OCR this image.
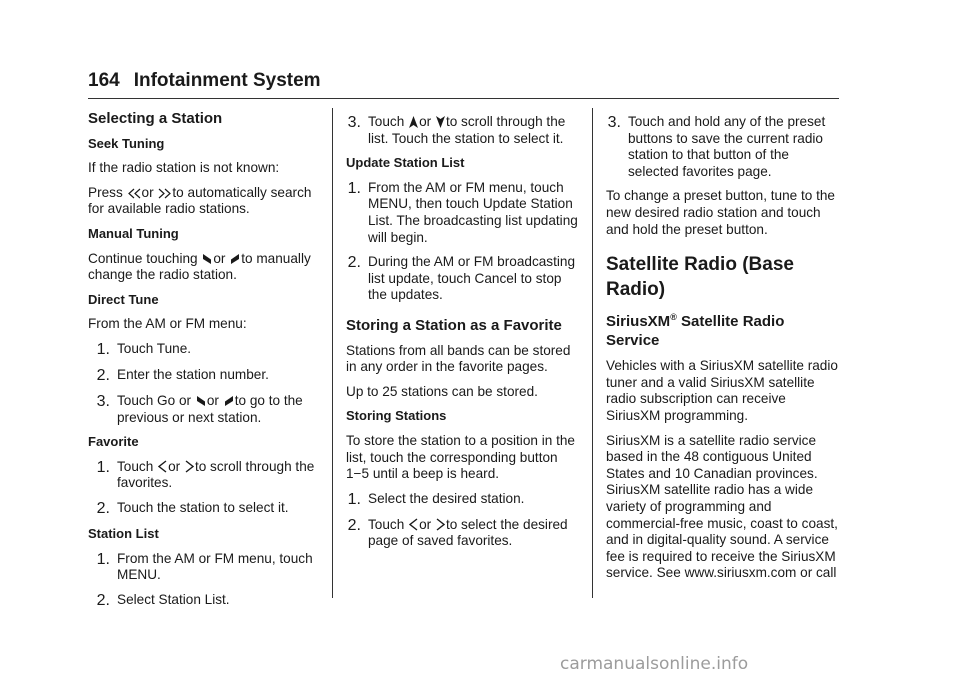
164 Infotainment System

Selecting a Station

Seek Tuning

If the radio station is not known:

Press or to automatically search for available radio stations.

Manual Tuning

Continue touching or to manually change the radio station.

Direct Tune

From the AM or FM menu:

1. Touch Tune.

2. Enter the station number.

3. Touch Go or or to go to the previous or next station.

Favorite

1. Touch or to scroll through the favorites.

2. Touch the station to select it.

Station List

1. From the AM or FM menu, touch MENU.

2. Select Station List.

3. Touch or to scroll through the list. Touch the station to select it.

Update Station List

1. From the AM or FM menu, touch MENU, then touch Update Station List. The broadcasting list updating will begin.

2. During the AM or FM broadcasting list update, touch Cancel to stop the updates.

Storing a Station as a Favorite

Stations from all bands can be stored in any order in the favorite pages.

Up to 25 stations can be stored.

Storing Stations

To store the station to a position in the list, touch the corresponding button 1−5 until a beep is heard.

1. Select the desired station.

2. Touch or to select the desired page of saved favorites.

3. Touch and hold any of the preset buttons to save the current radio station to that button of the selected favorites page.

To change a preset button, tune to the new desired radio station and touch and hold the preset button.

Satellite Radio (Base Radio)

SiriusXM® Satellite Radio Service

Vehicles with a SiriusXM satellite radio tuner and a valid SiriusXM satellite radio subscription can receive SiriusXM programming.

SiriusXM is a satellite radio service based in the 48 contiguous United States and 10 Canadian provinces. SiriusXM satellite radio has a wide variety of programming and commercial-free music, coast to coast, and in digital-quality sound. A service fee is required to receive the SiriusXM service. See www.siriusxm.com or call

carmanualsonline.info
